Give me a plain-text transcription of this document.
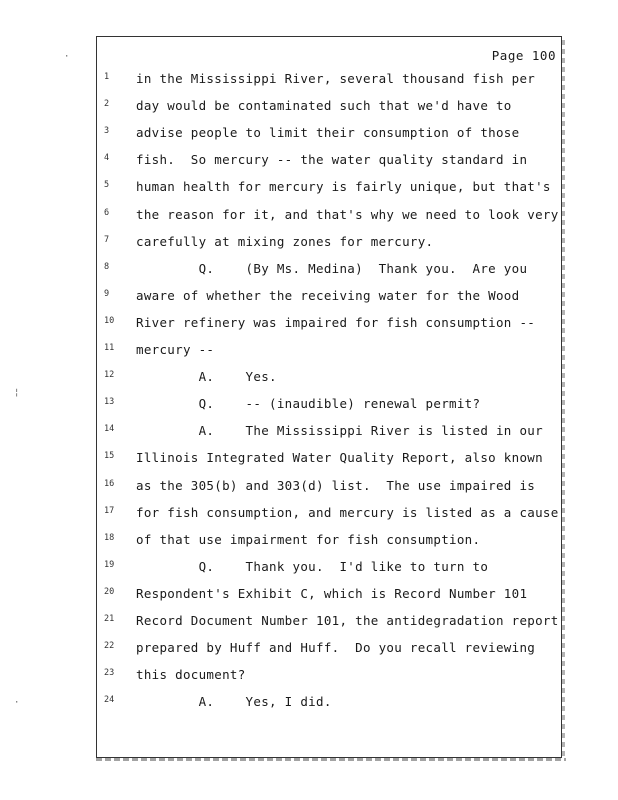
Page 100
·
¦
·
1	in the Mississippi River, several thousand fish per
2	day would be contaminated such that we'd have to
3	advise people to limit their consumption of those
4	fish.  So mercury -- the water quality standard in
5	human health for mercury is fairly unique, but that's
6	the reason for it, and that's why we need to look very
7	carefully at mixing zones for mercury.
8	Q.    (By Ms. Medina)  Thank you.  Are you
9	aware of whether the receiving water for the Wood
10	River refinery was impaired for fish consumption --
11	mercury --
12	A.    Yes.
13	Q.    -- (inaudible) renewal permit?
14	A.    The Mississippi River is listed in our
15	Illinois Integrated Water Quality Report, also known
16	as the 305(b) and 303(d) list.  The use impaired is
17	for fish consumption, and mercury is listed as a cause
18	of that use impairment for fish consumption.
19	Q.    Thank you.  I'd like to turn to
20	Respondent's Exhibit C, which is Record Number 101
21	Record Document Number 101, the antidegradation report
22	prepared by Huff and Huff.  Do you recall reviewing
23	this document?
24	A.    Yes, I did.
